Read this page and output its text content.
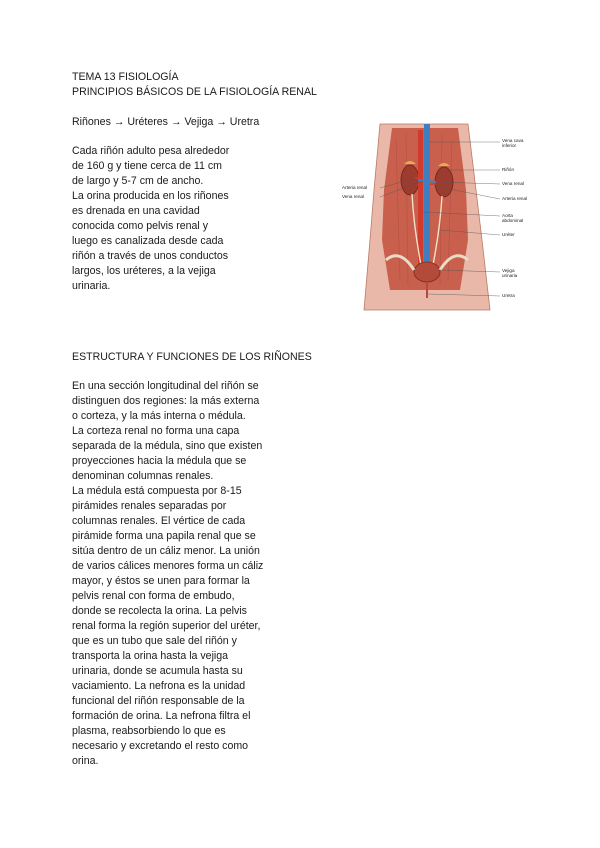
TEMA 13 FISIOLOGÍA
PRINCIPIOS BÁSICOS DE LA FISIOLOGÍA RENAL
Riñones → Uréteres → Vejiga → Uretra
Cada riñón adulto pesa alrededor
de 160 g y tiene cerca de 11 cm
de largo y 5-7 cm de ancho.
La orina producida en los riñones
es drenada en una cavidad
conocida como pelvis renal y
luego es canalizada desde cada
riñón a través de unos conductos
largos, los uréteres, a la vejiga
urinaria.
Vena cava
inferior
Riñón
Vena renal
Arteria renal
Aorta
abdominal
Uréter
Vejiga
urinaria
Uretra
Arteria renal
Vena renal
ESTRUCTURA Y FUNCIONES DE LOS RIÑONES
En una sección longitudinal del riñón se
distinguen dos regiones: la más externa
o corteza, y la más interna o médula.
La corteza renal no forma una capa
separada de la médula, sino que existen
proyecciones hacia la médula que se
denominan columnas renales.
La médula está compuesta por 8-15
pirámides renales separadas por
columnas renales. El vértice de cada
pirámide forma una papila renal que se
sitúa dentro de un cáliz menor. La unión
de varios cálices menores forma un cáliz
mayor, y éstos se unen para formar la
pelvis renal con forma de embudo,
donde se recolecta la orina. La pelvis
renal forma la región superior del uréter,
que es un tubo que sale del riñón y
transporta la orina hasta la vejiga
urinaria, donde se acumula hasta su
vaciamiento. La nefrona es la unidad
funcional del riñón responsable de la
formación de orina. La nefrona filtra el
plasma, reabsorbiendo lo que es
necesario y excretando el resto como
orina.
